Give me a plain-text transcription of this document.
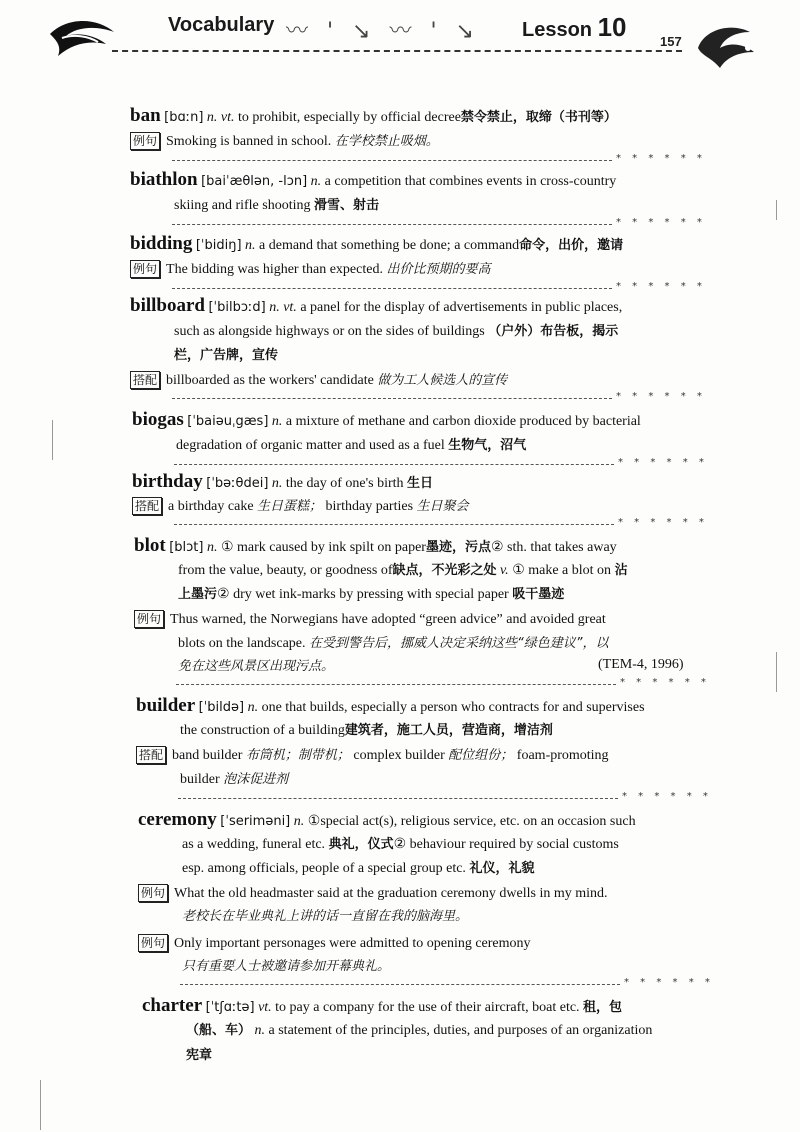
Vocabulary 〰 ' ↘ 〰 ' ↘ Lesson 10	157
ban [bɑːn] n. vt. to prohibit, especially by official decree禁令禁止，取缔（书刊等）
例句 Smoking is banned in school. 在学校禁止吸烟。
* * * * * *
biathlon [baiˈæθlən, -lɔn] n. a competition that combines events in cross-country
skiing and rifle shooting 滑雪、射击
* * * * * *
bidding [ˈbidiŋ] n. a demand that something be done; a command命令，出价，邀请
例句 The bidding was higher than expected. 出价比预期的要高
* * * * * *
billboard [ˈbilbɔːd] n. vt. a panel for the display of advertisements in public places,
such as alongside highways or on the sides of buildings （户外）布告板，揭示
栏，广告牌，宣传
搭配 billboarded as the workers' candidate 做为工人候选人的宣传
* * * * * *
biogas [ˈbaiəuˌgæs] n. a mixture of methane and carbon dioxide produced by bacterial
degradation of organic matter and used as a fuel 生物气，沼气
* * * * * *
birthday [ˈbəːθdei] n. the day of one's birth 生日
搭配 a birthday cake 生日蛋糕； birthday parties 生日聚会
* * * * * *
blot [blɔt] n. ① mark caused by ink spilt on paper墨迹，污点② sth. that takes away
from the value, beauty, or goodness of缺点，不光彩之处 v. ① make a blot on 沾
上墨污② dry wet ink-marks by pressing with special paper 吸干墨迹
例句 Thus warned, the Norwegians have adopted “green advice” and avoided great
blots on the landscape. 在受到警告后，挪威人决定采纳这些“绿色建议”，以
免在这些风景区出现污点。	(TEM-4, 1996)
* * * * * *
builder [ˈbildə] n. one that builds, especially a person who contracts for and supervises
the construction of a building建筑者，施工人员，营造商，增洁剂
搭配 band builder 布筒机；制带机； complex builder 配位组份； foam-promoting
builder 泡沫促进剂
* * * * * *
ceremony [ˈseriməni] n. ①special act(s), religious service, etc. on an occasion such
as a wedding, funeral etc. 典礼，仪式② behaviour required by social customs
esp. among officials, people of a special group etc. 礼仪，礼貌
例句 What the old headmaster said at the graduation ceremony dwells in my mind.
老校长在毕业典礼上讲的话一直留在我的脑海里。
例句 Only important personages were admitted to opening ceremony
只有重要人士被邀请参加开幕典礼。
* * * * * *
charter [ˈtʃɑːtə] vt. to pay a company for the use of their aircraft, boat etc. 租，包
（船、车） n. a statement of the principles, duties, and purposes of an organization
宪章
